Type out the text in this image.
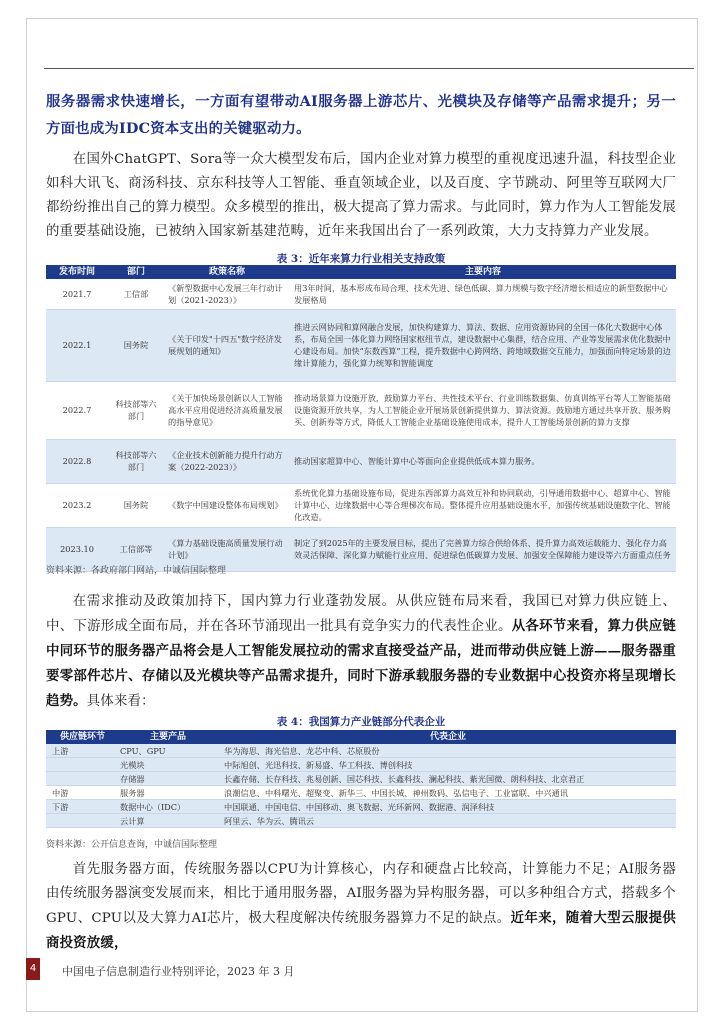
服务器需求快速增长，一方面有望带动AI服务器上游芯片、光模块及存储等产品需求提升；另一方面也成为IDC资本支出的关键驱动力。

在国外ChatGPT、Sora等一众大模型发布后，国内企业对算力模型的重视度迅速升温，科技型企业如科大讯飞、商汤科技、京东科技等人工智能、垂直领域企业，以及百度、字节跳动、阿里等互联网大厂都纷纷推出自己的算力模型。众多模型的推出，极大提高了算力需求。与此同时，算力作为人工智能发展的重要基础设施，已被纳入国家新基建范畴，近年来我国出台了一系列政策，大力支持算力产业发展。

表 3：近年来算力行业相关支持政策
发布时间	部门	政策名称	主要内容
2021.7	工信部	《新型数据中心发展三年行动计划（2021-2023）》	用3年时间，基本形成布局合理、技术先进、绿色低碳、算力规模与数字经济增长相适应的新型数据中心发展格局
2022.1	国务院	《关于印发"十四五"数字经济发展规划的通知》	推进云网协同和算网融合发展，加快构建算力、算法、数据、应用资源协同的全国一体化大数据中心体系，布局全国一体化算力网络国家枢纽节点，建设数据中心集群，结合应用、产业等发展需求优化数据中心建设布局。加快“东数西算”工程，提升数据中心跨网络、跨地域数据交互能力，加强面向特定场景的边缘计算能力，强化算力统筹和智能调度
2022.7	科技部等六部门	《关于加快场景创新以人工智能高水平应用促进经济高质量发展的指导意见》	推动场景算力设施开放，鼓励算力平台、共性技术平台、行业训练数据集、仿真训练平台等人工智能基础设施资源开放共享，为人工智能企业开展场景创新提供算力、算法资源。鼓励地方通过共享开放、服务购买、创新券等方式，降低人工智能企业基础设施使用成本，提升人工智能场景创新的算力支撑
2022.8	科技部等六部门	《企业技术创新能力提升行动方案（2022-2023）》	推动国家超算中心、智能计算中心等面向企业提供低成本算力服务。
2023.2	国务院	《数字中国建设整体布局规划》	系统优化算力基础设施布局，促进东西部算力高效互补和协同联动，引导通用数据中心、超算中心、智能计算中心、边缘数据中心等合理梯次布局。整体提升应用基础设施水平，加强传统基础设施数字化、智能化改造。
2023.10	工信部等	《算力基础设施高质量发展行动计划》	制定了到2025年的主要发展目标，提出了完善算力综合供给体系、提升算力高效运载能力、强化存力高效灵活保障、深化算力赋能行业应用、促进绿色低碳算力发展、加强安全保障能力建设等六方面重点任务
资料来源：各政府部门网站，中诚信国际整理

在需求推动及政策加持下，国内算力行业蓬勃发展。从供应链布局来看，我国已对算力供应链上、中、下游形成全面布局，并在各环节涌现出一批具有竞争实力的代表性企业。从各环节来看，算力供应链中同环节的服务器产品将会是人工智能发展拉动的需求直接受益产品，进而带动供应链上游——服务器重要零部件芯片、存储以及光模块等产品需求提升，同时下游承载服务器的专业数据中心投资亦将呈现增长趋势。具体来看：

表 4：我国算力产业链部分代表企业
供应链环节	主要产品	代表企业
上游	CPU、GPU	华为海思、海光信息、龙芯中科、芯原股份
	光模块	中际旭创、光迅科技、新易盛、华工科技、博创科技
	存储器	长鑫存储、长存科技、兆易创新、国芯科技、长鑫科技、澜起科技、紫光国微、朗科科技、北京君正
中游	服务器	浪潮信息、中科曙光、超聚变、新华三、中国长城、神州数码、弘信电子、工业富联、中兴通讯
下游	数据中心（IDC）	中国联通、中国电信、中国移动、奥飞数据、光环新网、数据港、润泽科技
	云计算	阿里云、华为云、腾讯云
资料来源：公开信息查询，中诚信国际整理

首先服务器方面，传统服务器以CPU为计算核心，内存和硬盘占比较高，计算能力不足；AI服务器由传统服务器演变发展而来，相比于通用服务器，AI服务器为异构服务器，可以多种组合方式，搭载多个GPU、CPU以及大算力AI芯片，极大程度解决传统服务器算力不足的缺点。近年来，随着大型云服提供商投资放缓，

4	中国电子信息制造行业特别评论，2023 年 3 月
